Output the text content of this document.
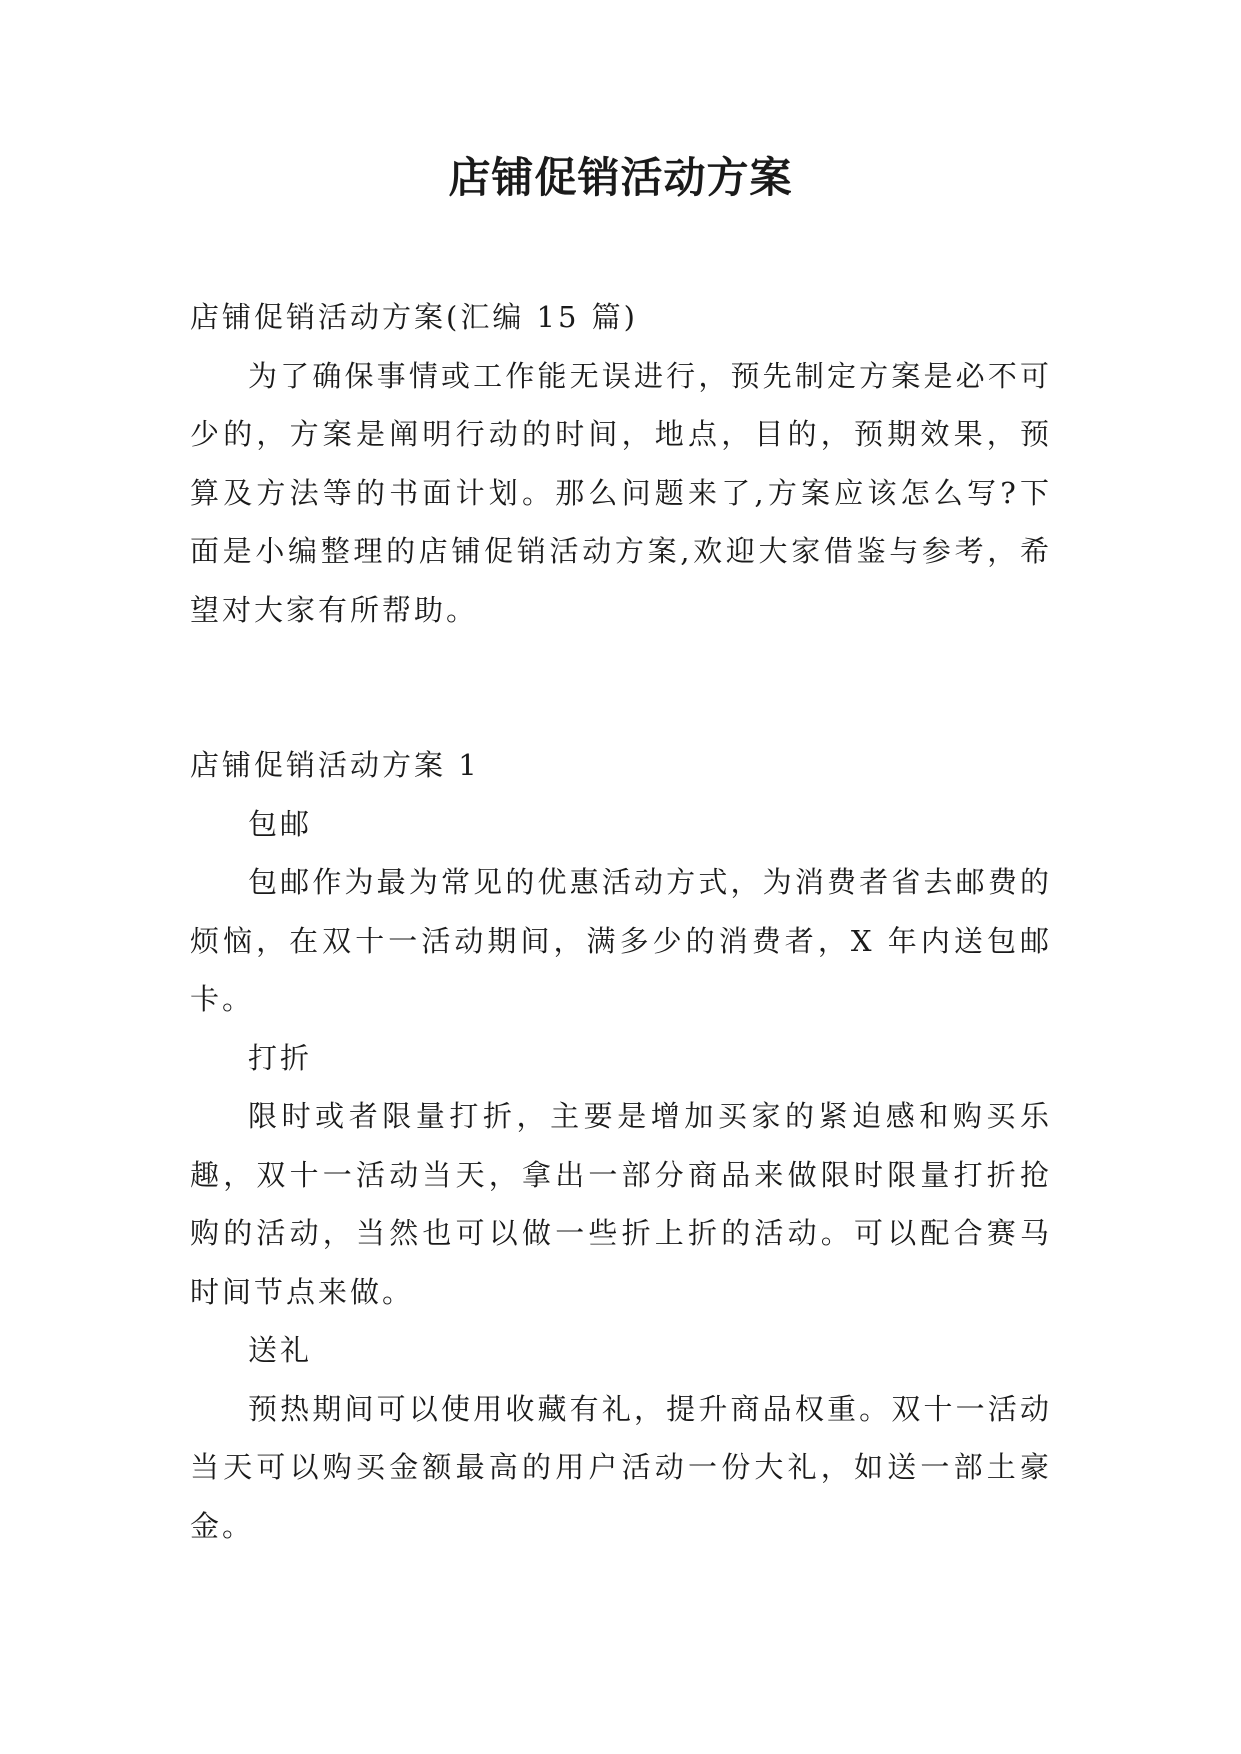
店铺促销活动方案

店铺促销活动方案(汇编 15 篇)

为了确保事情或工作能无误进行，预先制定方案是必不可少的，方案是阐明行动的时间，地点，目的，预期效果，预算及方法等的书面计划。那么问题来了,方案应该怎么写?下面是小编整理的店铺促销活动方案,欢迎大家借鉴与参考，希望对大家有所帮助。

店铺促销活动方案 1

包邮

包邮作为最为常见的优惠活动方式，为消费者省去邮费的烦恼，在双十一活动期间，满多少的消费者，X 年内送包邮卡。

打折

限时或者限量打折，主要是增加买家的紧迫感和购买乐趣，双十一活动当天，拿出一部分商品来做限时限量打折抢购的活动，当然也可以做一些折上折的活动。可以配合赛马时间节点来做。

送礼

预热期间可以使用收藏有礼，提升商品权重。双十一活动当天可以购买金额最高的用户活动一份大礼，如送一部土豪金。
